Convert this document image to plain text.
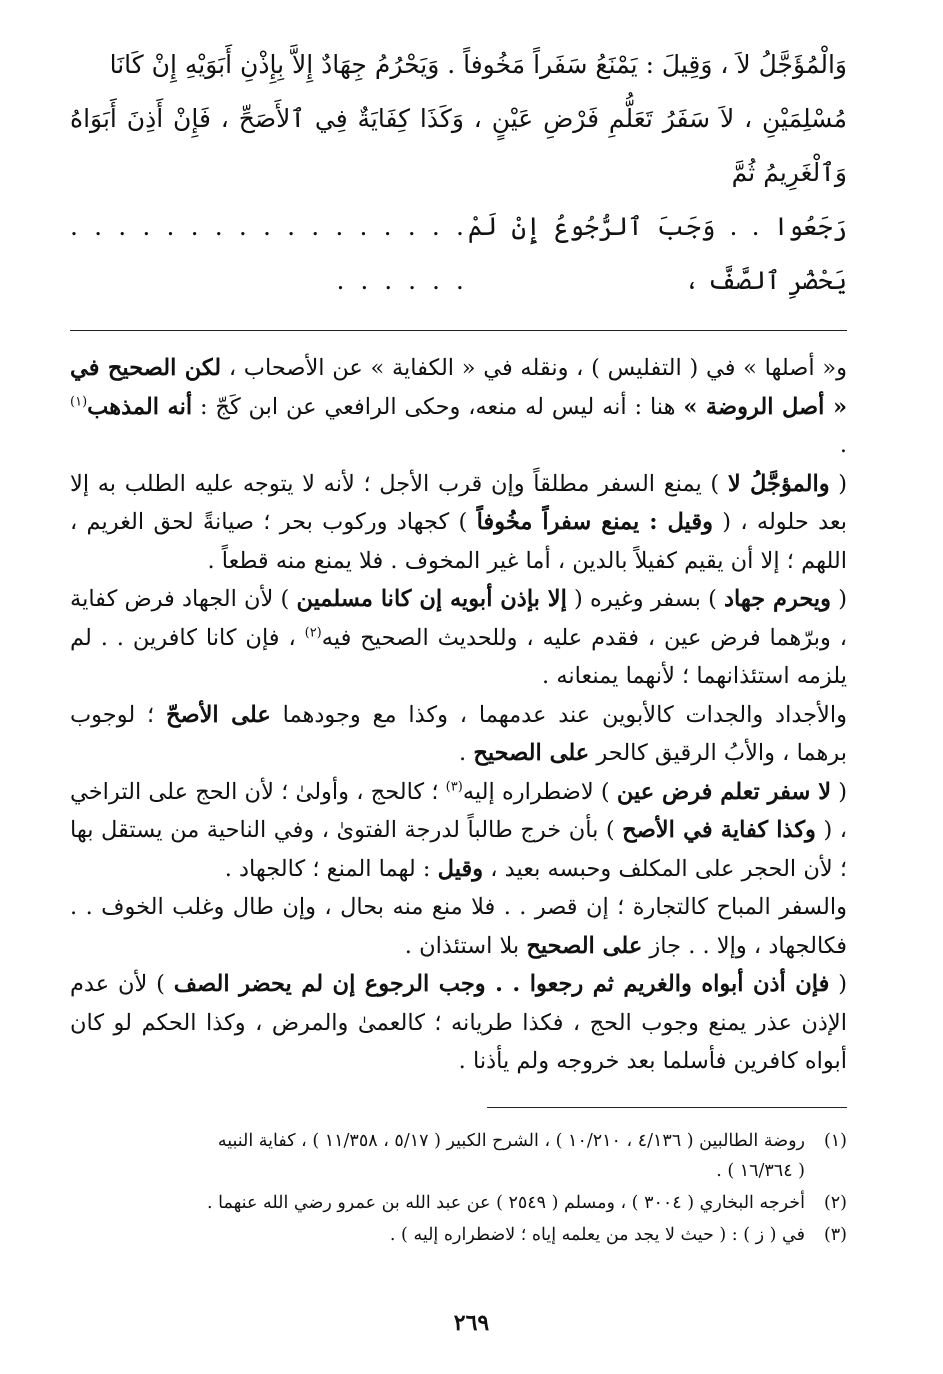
وَالْمُؤَجَّلُ لاَ ، وَقِيلَ : يَمْنَعُ سَفَراً مَخُوفاً . وَيَحْرُمُ جِهَادٌ إِلاَّ بِإِذْنِ أَبَوَيْهِ إِنْ كَانَا
مُسْلِمَيْنِ ، لاَ سَفَرُ تَعَلُّمِ فَرْضِ عَيْنٍ ، وَكَذَا كِفَايَةٌ فِي ٱلأَصَحِّ ، فَإِنْ أَذِنَ أَبَوَاهُ وَٱلْغَرِيمُ ثُمَّ
رَجَعُوا . . وَجَبَ ٱلرُّجُوعُ إِنْ لَمْ يَحْضُرِ ٱلصَّفَّ ،
. . . . . . . . . . . . . . . . . . . . . . .

و« أصلها » في ( التفليس ) ، ونقله في « الكفاية » عن الأصحاب ، لكن الصحيح في « أصل الروضة » هنا : أنه ليس له منعه، وحكى الرافعي عن ابن كَجّ : أنه المذهب$^{(١)}$ .

( والمؤجَّلُ لا ) يمنع السفر مطلقاً وإن قرب الأجل ؛ لأنه لا يتوجه عليه الطلب به إلا بعد حلوله ، ( وقيل : يمنع سفراً مخُوفاً ) كجهاد وركوب بحر ؛ صيانةً لحق الغريم ، اللهم ؛ إلا أن يقيم كفيلاً بالدين ، أما غير المخوف . فلا يمنع منه قطعاً .

( ويحرم جهاد ) بسفر وغيره ( إلا بإذن أبويه إن كانا مسلمين ) لأن الجهاد فرض كفاية ، وبرّهما فرض عين ، فقدم عليه ، وللحديث الصحيح فيه$^{(٢)}$ ، فإن كانا كافرين . . لم يلزمه استئذانهما ؛ لأنهما يمنعانه .

والأجداد والجدات كالأبوين عند عدمهما ، وكذا مع وجودهما على الأصحّ ؛ لوجوب برهما ، والأبُ الرقيق كالحر على الصحيح .

( لا سفر تعلم فرض عين ) لاضطراره إليه$^{(٣)}$ ؛ كالحج ، وأولىٰ ؛ لأن الحج على التراخي ، ( وكذا كفاية في الأصح ) بأن خرج طالباً لدرجة الفتوىٰ ، وفي الناحية من يستقل بها ؛ لأن الحجر على المكلف وحبسه بعيد ، وقيل : لهما المنع ؛ كالجهاد .

والسفر المباح كالتجارة ؛ إن قصر . . فلا منع منه بحال ، وإن طال وغلب الخوف . . فكالجهاد ، وإلا . . جاز على الصحيح بلا استئذان .

( فإن أذن أبواه والغريم ثم رجعوا . . وجب الرجوع إن لم يحضر الصف ) لأن عدم الإذن عذر يمنع وجوب الحج ، فكذا طريانه ؛ كالعمىٰ والمرض ، وكذا الحكم لو كان أبواه كافرين فأسلما بعد خروجه ولم يأذنا .

(١)روضة الطالبين ( ٤/١٣٦ ، ١٠/٢١٠ ) ، الشرح الكبير ( ٥/١٧ ، ١١/٣٥٨ ) ، كفاية النبيه
( ١٦/٣٦٤ ) .
(٢)أخرجه البخاري ( ٣٠٠٤ ) ، ومسلم ( ٢٥٤٩ ) عن عبد الله بن عمرو رضي الله عنهما .
(٣)في ( ز ) : ( حيث لا يجد من يعلمه إياه ؛ لاضطراره إليه ) .
٢٦٩
